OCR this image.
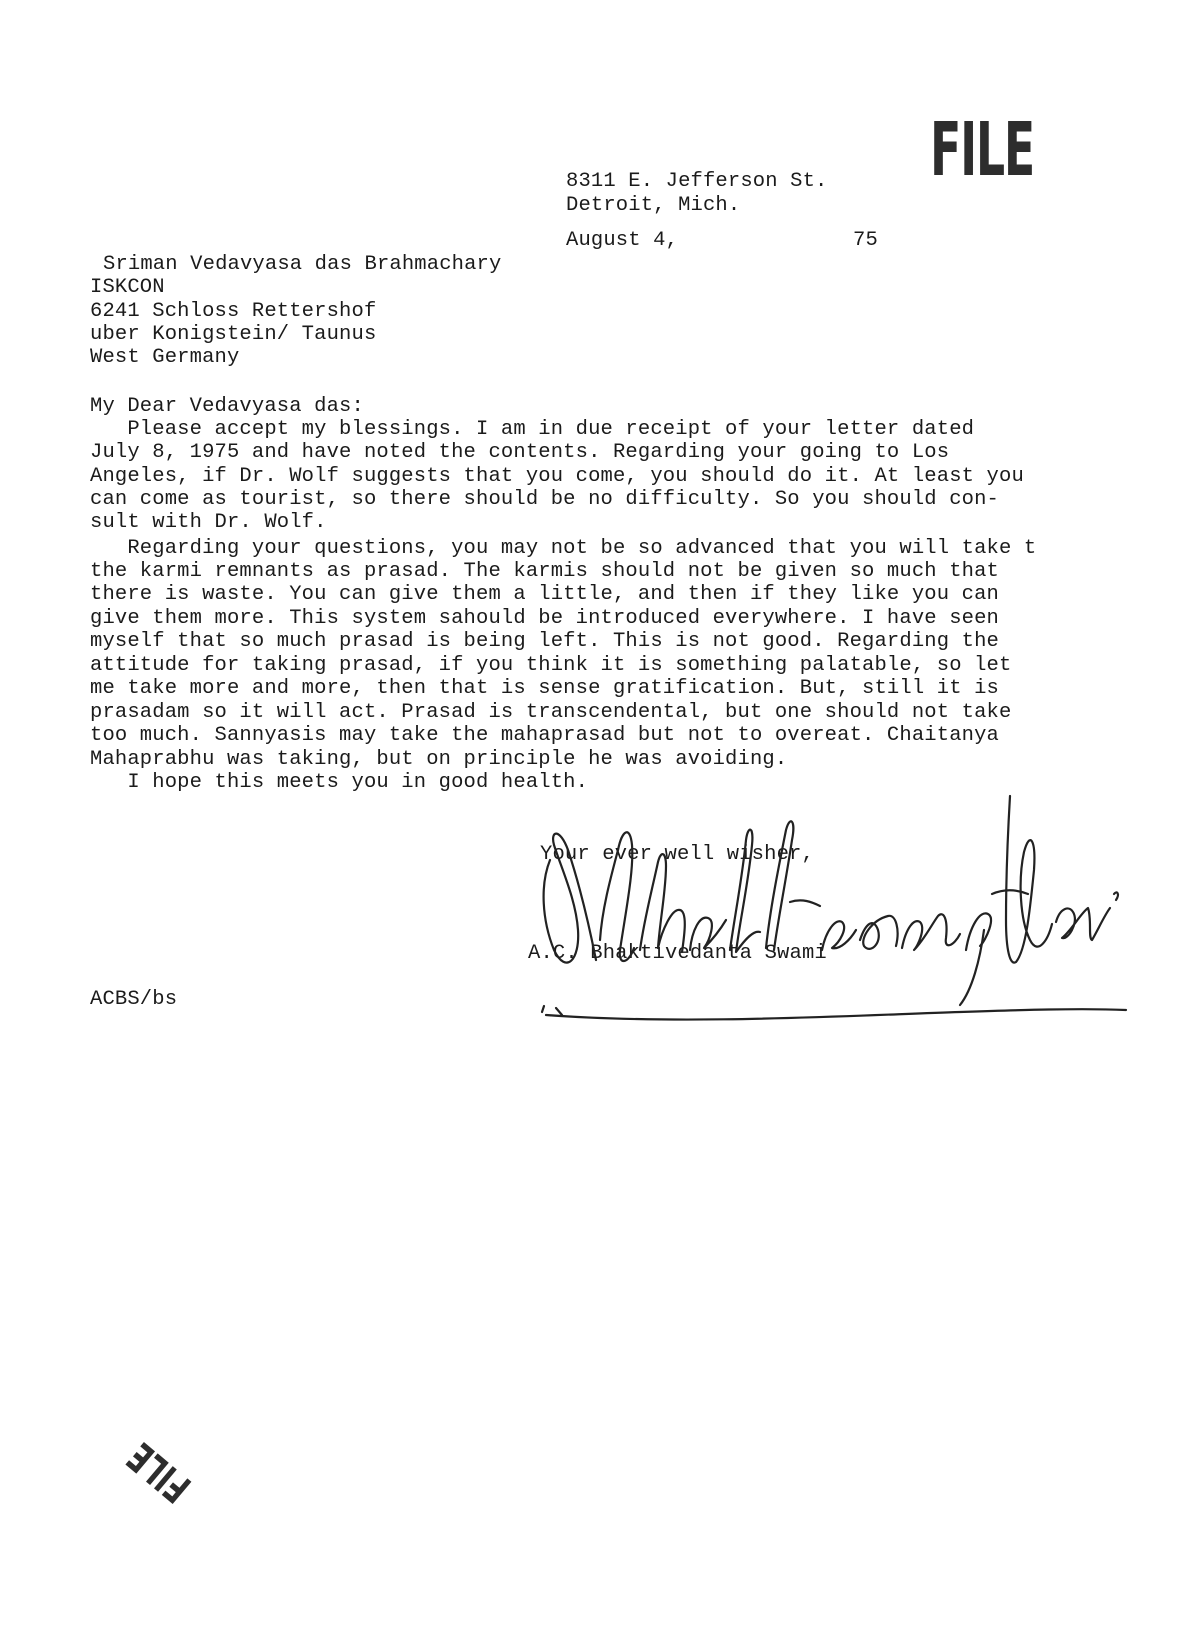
FILE
8311 E. Jefferson St.
Detroit, Mich.
August 4,	75
Sriman Vedavyasa das Brahmachary
ISKCON
6241 Schloss Rettershof
uber Konigstein/ Taunus
West Germany
My Dear Vedavyasa das:
Please accept my blessings. I am in due receipt of your letter dated
July 8, 1975 and have noted the contents. Regarding your going to Los
Angeles, if Dr. Wolf suggests that you come, you should do it. At least you
can come as tourist, so there should be no difficulty. So you should con-
sult with Dr. Wolf.
Regarding your questions, you may not be so advanced that you will take t
the karmi remnants as prasad. The karmis should not be given so much that
there is waste. You can give them a little, and then if they like you can
give them more. This system sahould be introduced everywhere. I have seen
myself that so much prasad is being left. This is not good. Regarding the
attitude for taking prasad, if you think it is something palatable, so let
me take more and more, then that is sense gratification. But, still it is
prasadam so it will act. Prasad is transcendental, but one should not take
too much. Sannyasis may take the mahaprasad but not to overeat. Chaitanya
Mahaprabhu was taking, but on principle he was avoiding.
I hope this meets you in good health.
Your ever well wisher,
A.C. Bhaktivedanta Swami
ACBS/bs
FILE
